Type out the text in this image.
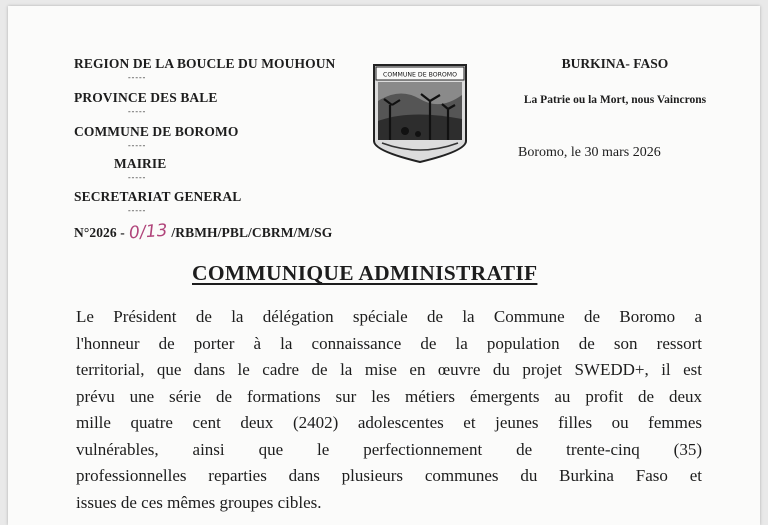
REGION DE LA BOUCLE DU MOUHOUN
-----
PROVINCE DES BALE
-----
COMMUNE DE BOROMO
-----
MAIRIE
-----
SECRETARIAT GENERAL
-----
N°2026 - 0/13 /RBMH/PBL/CBRM/M/SG
COMMUNE DE BOROMO
BURKINA- FASO
La Patrie ou la Mort, nous Vaincrons
Boromo, le 30 mars 2026
COMMUNIQUE ADMINISTRATIF
Le Président de la délégation spéciale de la Commune de Boromo a
l'honneur de porter à la connaissance de la population de son ressort
territorial, que dans le cadre de la mise en œuvre du projet SWEDD+, il est
prévu une série de formations sur les métiers émergents au profit de deux
mille quatre cent deux (2402) adolescentes et jeunes filles ou femmes
vulnérables, ainsi que le perfectionnement de trente-cinq (35)
professionnelles reparties dans plusieurs communes du Burkina Faso et
issues de ces mêmes groupes cibles.
